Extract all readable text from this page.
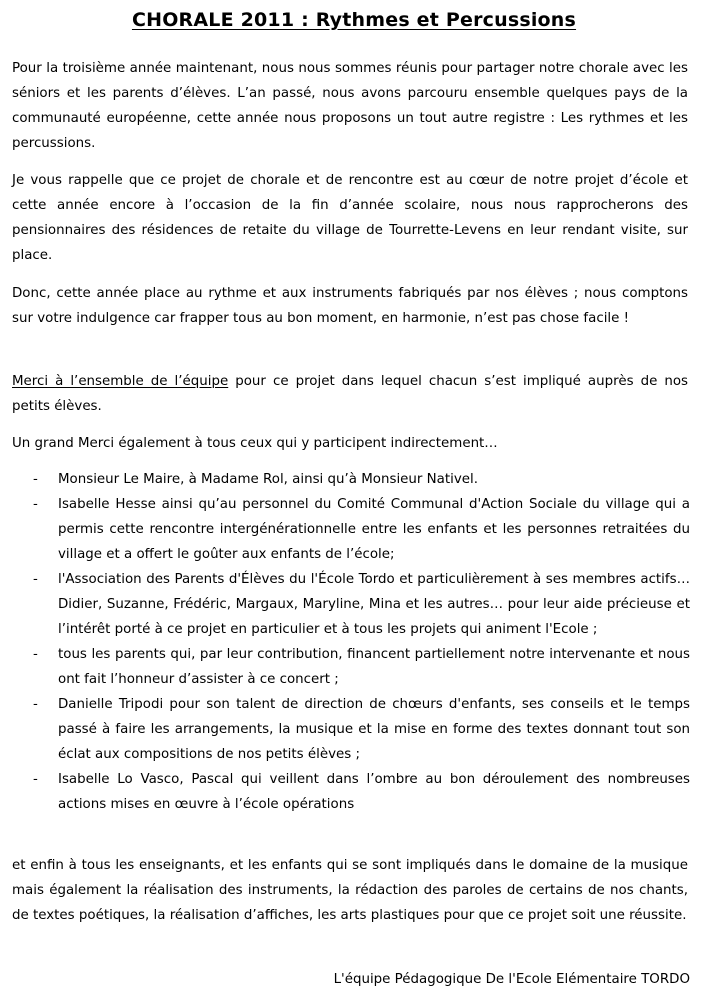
CHORALE 2011 : Rythmes et Percussions

Pour la troisième année maintenant, nous nous sommes réunis pour partager notre chorale avec les séniors et les parents d’élèves. L’an passé, nous avons parcouru ensemble quelques pays de la communauté européenne, cette année nous proposons un tout autre registre : Les rythmes et les percussions.

Je vous rappelle que ce projet de chorale et de rencontre est au cœur de notre projet d’école et cette année encore à l’occasion de la fin d’année scolaire, nous nous rapprocherons des pensionnaires des résidences de retaite du village de Tourrette-Levens en leur rendant visite, sur place.

Donc, cette année place au rythme et aux instruments fabriqués par nos élèves ; nous comptons sur votre indulgence car frapper tous au bon moment, en harmonie, n’est pas chose facile !

Merci à l’ensemble de l’équipe pour ce projet dans lequel chacun s’est impliqué auprès de nos petits élèves.

Un grand Merci également à tous ceux qui y participent indirectement…

- Monsieur Le Maire, à Madame Rol, ainsi qu’à Monsieur Nativel.
- Isabelle Hesse ainsi qu’au personnel du Comité Communal d'Action Sociale du village qui a permis cette rencontre intergénérationnelle entre les enfants et les personnes retraitées du village et a offert le goûter aux enfants de l’école;
- l'Association des Parents d'Élèves du l'École Tordo et particulièrement à ses membres actifs… Didier, Suzanne, Frédéric, Margaux, Maryline, Mina et les autres… pour leur aide précieuse et l’intérêt porté à ce projet en particulier et à tous les projets qui animent l'Ecole ;
- tous les parents qui, par leur contribution, financent partiellement notre intervenante et nous ont fait l’honneur d’assister à ce concert ;
- Danielle Tripodi pour son talent de direction de chœurs d'enfants, ses conseils et le temps passé à faire les arrangements, la musique et la mise en forme des textes donnant tout son éclat aux compositions de nos petits élèves ;
- Isabelle Lo Vasco, Pascal qui veillent dans l’ombre au bon déroulement des nombreuses actions mises en œuvre à l’école opérations

et enfin à tous les enseignants, et les enfants qui se sont impliqués dans le domaine de la musique mais également la réalisation des instruments, la rédaction des paroles de certains de nos chants, de textes poétiques, la réalisation d’affiches, les arts plastiques pour que ce projet soit une réussite.

L'équipe Pédagogique De l'Ecole Elémentaire TORDO
